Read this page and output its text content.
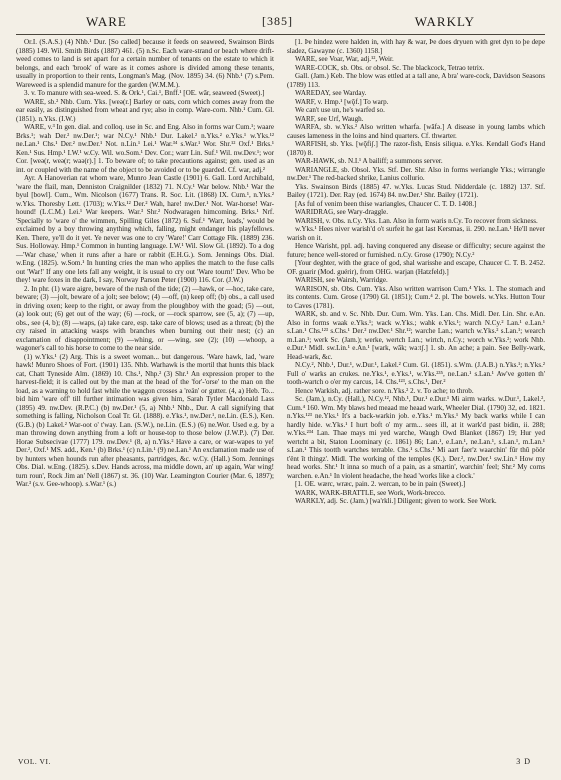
WARE	[385]	WARKLY

Or.I. (S.A.S.) (4) Nhb.¹ Dur. [So called] because it feeds on seaweed, Swainson Birds (1885) 149. Wil. Smith Birds (1887) 461. (5) n.Sc. Each ware-strand or beach where drift-weed comes to land is set apart for a certain number of tenants on the estate to which it belongs, and each 'brook' of ware as it comes ashore is divided among these tenants, usually in proportion to their rents, Longman's Mag. (Nov. 1895) 34. (6) Nhb.¹ (7) s.Pem. Wareweed is a splendid manure for the garden (W.M.M.).

3. v. To manure with sea-weed. S. & Ork.¹, Cai.¹, Bnff.¹ [OE. wār, seaweed (Sweet).]

WARE, sb.² Nhb. Cum. Yks. [weə(r.] Barley or oats, corn which comes away from the ear easily, as distinguished from wheat and rye; also in comp. Ware-corn. Nhb.¹ Cum. Gl. (1851). n.Yks. (I.W.)

WARE, v.³ In gen. dial. and colloq. use in Sc. and Eng. Also in forms war Cum.¹; waare Brks.¹; wah Der.² nw.Der.¹; war N.Cy.¹ Nhb.¹ Dur. Lakel.² n.Yks.² e.Yks.¹ w.Yks.¹² ne.Lan.¹ Chs.¹ Der.² nw.Der.¹ Not. n.Lin.¹ Lei.¹ War.³⁴ s.War.¹ Wor. Shr.¹² Oxf.¹ Brks.¹ Ken.¹ Sus. Hmp.¹ I.W.¹ w.Cy. Wil. wo.Som.¹ Dev. Cor.; warr Lin. Suf.¹ Wil. nw.Dev.¹; wor Cor. [weə(r, weə(r; waə(r).] 1. To beware of; to take precautions against; gen. used as an int. or coupled with the name of the object to be avoided or to be guarded. Cf. war, adj.²

Ayr. A Hanoverian rat whom ware, Munro Jean Castle (1901) 6. Gall. Lord Archibald, 'ware the flail, man, Denniston Craignilder (1832) 71. N.Cy.¹ War below. Nhb.¹ War the byul [bowl]. Cum., Wm. Nicolson (1677) Trans. R. Soc. Lit. (1868) IX. Cum.¹, n.Yks.² w.Yks. Thoresby Lett. (1703); w.Yks.¹² Der.² Wah, hare! nw.Der.¹ Not. War-horse! War-hound! (L.C.M.) Lei.¹ War keepers. War.³ Shr.² Nodwaragen himcoming. Brks.¹ Nrf. 'Specially to 'ware o' the wimmen, Spilling Giles (1872) 6. Suf.¹ 'Warr, leads,' would be exclaimed by a boy throwing anything which, falling, might endanger his playfellows. Ken. There, ye'll do it yet. Ye never was one to cry 'Ware!' Carr Cottage Flk. (1889) 236. Sus. Holloway. Hmp.¹ Common in hunting language. I.W.¹ Wil. Slow Gl. (1892). To a dog—'War chase,' when it runs after a hare or rabbit (E.H.G.). Som. Jennings Obs. Dial. w.Eng. (1825). w.Som.¹ In hunting cries the man who applies the match to the fuse calls out 'War!' If any one lets fall any weight, it is usual to cry out 'Ware tourn!' Dev. Who be they! ware foxes in the dark, I say, Norway Parson Peter (1900) 116. Cor. (J.W.)

2. In phr. (1) ware aigre, beware of the rush of the tide; (2) —hawk, or —hoc, take care, beware; (3) —jolt, beware of a jolt; see below; (4) —off, (n) keep off; (b) obs., a call used in driving oxen; keep to the right, or away from the ploughboy with the goad; (5) —out, (a) look out; (6) get out of the way; (6) —rock, or —rock sparrow, see (5, a); (7) —up, obs., see (4, b); (8) —waps, (a) take care, esp. take care of blows; used as a threat; (b) the cry raised in attacking wasps with branches when burning out their nest; (c) an exclamation of disappointment; (9) —whing, or —wing, see (2); (10) —whoop, a wagoner's call to his horse to come to the near side.

(1) w.Yks.¹ (2) Arg. This is a sweet woman... but dangerous. 'Ware hawk, lad, 'ware hawk! Munro Shoes of Fort. (1901) 135. Nhb. Warhawk is the mortil that hunts this black cat, Chatt Tyneside Alm. (1869) 10. Chs.¹, Nhp.² (3) Shr.¹ An expression proper to the harvest-field; it is called out by the man at the head of the 'for'-'orse' to the man on the load, as a warning to hold fast while the waggon crosses a 'reän' or gutter. (4, a) Heb. To... bid him 'ware off' till further intimation was given him, Sarah Tytler Macdonald Lass (1895) 49. nw.Dev. (R.P.C.) (b) nw.Der.¹ (5, a) Nhb.¹ Nhb., Dur. A call signifying that something is falling, Nicholson Coal Tr. Gl. (1888). e.Yks.¹, nw.Der.¹, ne.Lin. (E.S.), Ken. (G.B.) (b) Lakel.² War-oot o' t'way. Lan. (S.W.), ne.Lin. (E.S.) (6) ne.Wor. Used e.g. by a man throwing down anything from a loft or house-top to those below (J.W.P.). (7) Der. Horae Subsecivae (1777) 179. nw.Dev.¹ (8, a) n.Yks.² Have a care, or war-wapes to ye! Der.², Oxf.¹ MS. add., Ken.¹ (b) Brks.¹ (c) n.Lin.¹ (9) ne.Lan.¹ An exclamation made use of by hunters when hounds run after pheasants, partridges, &c. w.Cy. (Hall.) Som. Jennings Obs. Dial. w.Eng. (1825). s.Dev. Hands across, ma middle down, an' up again, War wing! turn roun', Rock Jim an' Nell (1867) st. 36. (10) War. Leamington Courier (Mar. 6, 1897); War.³ (s.v. Gee-whoop). s.War.¹ (s.)

[1. Þe hindez were halden in, with hay & war, Þe does dryuen with gret dyn to þe depe sladez, Gawayne (c. 1360) 1158.]

WARE, see Voar, War, adj.¹², Weir.

WARE-COCK, sb. Obs. or obsol. Sc. The blackcock, Tetrao tetrix.

Gall. (Jam.) Keb. The blow was ettled at a tall ane, A bra' ware-cock, Davidson Seasons (1789) 113.

WAREDAY, see Warday.

WARF, v. Hmp.¹ [wǭf.] To warp.

We can't use un, he's warfed so.

WARF, see Urf, Waugh.

WARFA, sb. w.Yks.² Also written wharfa. [wāfə.] A disease in young lambs which causes lameness in the loins and hind quarters. Cf. thwarter.

WARFISH, sb. Yks. [wǭfiʃ.] The razor-fish, Ensis siliqua. e.Yks. Kendall God's Hand (1870) 8.

WAR-HAWK, sb. N.I.¹ A bailiff; a summons server.

WARIANGLE, sb. Obsol. Yks. Stf. Der. Shr. Also in forms weriangle Yks.; wirrangle nw.Der.¹ The red-backed shrike, Lanius collurio.

Yks. Swainson Birds (1885) 47. w.Yks. Lucas Stud. Nidderdale (c. 1882) 137. Stf. Bailey (1721). Der. Ray (ed. 1674) 84. nw.Der.¹ Shr. Bailey (1721).

[As ful of venim been thise wariangles, Chaucer C. T. D. 1408.]

WARIDRAG, see Wary-draggle.

WARISH, v. Obs. n.Cy. Yks. Lan. Also in form waris n.Cy. To recover from sickness.

w.Yks.¹ Hees niver warish'd o't surfeit he gat last Kersmas, ii. 290. ne.Lan.¹ He'll never warish on it.

Hence Warisht, ppl. adj. having conquered any disease or difficulty; secure against the future; hence well-stored or furnished. n.Cy. Grose (1790); N.Cy.²

[Your deghter, with the grace of god, shal warisshe and escape, Chaucer C. T. B. 2452. OF. guarir (Mod. guérir), from OHG. warjan (Hatzfeld).]

WARISH, see Wairsh, Warridge.

WARISON, sb. Obs. Cum. Yks. Also written warrison Cum.⁴ Yks. 1. The stomach and its contents. Cum. Grose (1790) Gl. (1851); Cum.⁴ 2. pl. The bowels. w.Yks. Hutton Tour to Caves (1781).

WARK, sb. and v. Sc. Nhb. Dur. Cum. Wm. Yks. Lan. Chs. Midl. Der. Lin. Shr. e.An. Also in forms waak e.Yks.¹; wack w.Yks.; wahk e.Yks.¹; warch N.Cy.² Lan.¹ e.Lan.¹ s.Lan.¹ Chs.¹²³ s.Chs.¹ Der.² nw.Der.¹ Shr.¹²; warche Lan.; wartch w.Yks.² s.Lan.¹; wearch m.Lan.¹; werk Sc. (Jam.); werke, wertch Lan.; wirtch, n.Cy.; worch w.Yks.²; work Nhb. e.Dur.¹ Midl. sw.Lin.¹ e.An.¹ [wark, wāk; waːtʃ.] 1. sb. An ache; a pain. See Belly-wark, Head-wark, &c.

N.Cy.², Nhb.¹, Dur.¹, w.Dur.¹, Lakel.² Cum. Gl. (1851). s.Wm. (J.A.B.) n.Yks.¹; n.Yks.² Full o' warks an crukes. ne.Yks.¹, e.Yks.¹, w.Yks.²³⁵, ne.Lan.¹ s.Lan.¹ Aw've gotten th' tooth-wartch o o'er my carcus, 14. Chs.¹²³, s.Chs.¹, Der.²

Hence Warkish, adj. rather sore. n.Yks.² 2. v. To ache; to throb.

Sc. (Jam.), n.Cy. (Hall.), N.Cy.¹², Nhb.¹, Dur.¹ e.Dur.¹ Mi airm warks. w.Dur.¹, Lakel.², Cum.⁴ 160. Wm. My blaws hed meaad me heaad wark, Wheeler Dial. (1790) 32, ed. 1821. n.Yks.¹²³ ne.Yks.¹ It's a back-warkin job. e.Yks.¹ m.Yks.¹ My back warks while I can hardly hide. w.Yks.¹ I hurt boft o' my arm... sees ill, at it wark'd past bidin, ii. 288; w.Yks.²³⁴ Lan. Thae mays mi yed warche, Waugh Owd Blanket (1867) 19; Hur yed wertcht a bit, Staton Loominary (c. 1861) 86; Lan.¹, e.Lan.¹, ne.Lan.¹, s.Lan.¹, m.Lan.¹ s.Lan.¹ This tootth wartches terrable. Chs.¹ s.Chs.¹ Mi aart faer'z waarchin' fŭr thŭ pöör t'ënt ĭt thingz'. Midl. The working of the temples (K.). Der.², nw.Der.¹ sw.Lin.¹ How my head works. Shr.¹ It inna so much of a pain, as a smartin', warchin' feel; Shr.² My corns warchen. e.An.¹ In violent headache, the head 'works like a clock.'

[1. OE. wærc, wræc, pain. 2. wercan, to be in pain (Sweet).]

WARK, WARK-BRATTLE, see Work, Work-brecco.

WARKLY, adj. Sc. (Jam.) [wa'rkli.] Diligent; given to work. See Work.

VOL. VI.	3 D
